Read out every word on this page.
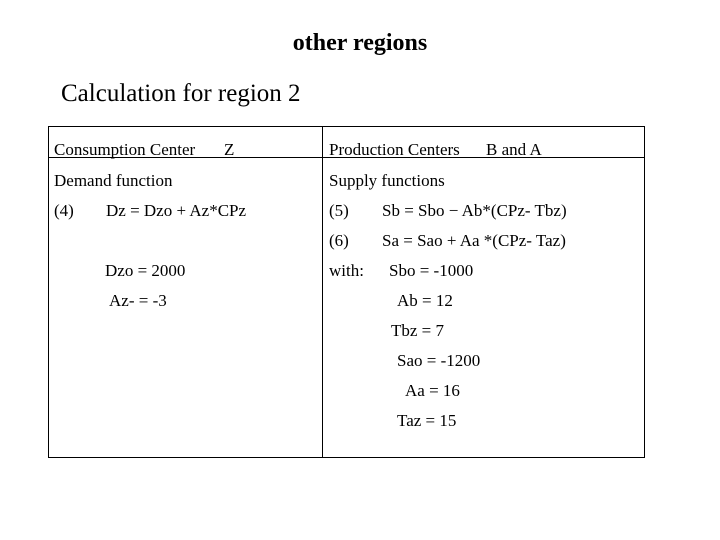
other regions
Calculation for region 2
Consumption Center Z
Demand function
(4) Dz = Dzo + Az*CPz
Dzo = 2000
Az- = -3
Production Centers B and A
Supply functions
(5) Sb = Sbo − Ab*(CPz- Tbz)
(6) Sa = Sao + Aa *(CPz- Taz)
with: Sbo = -1000
Ab = 12
Tbz = 7
Sao = -1200
Aa = 16
Taz = 15
